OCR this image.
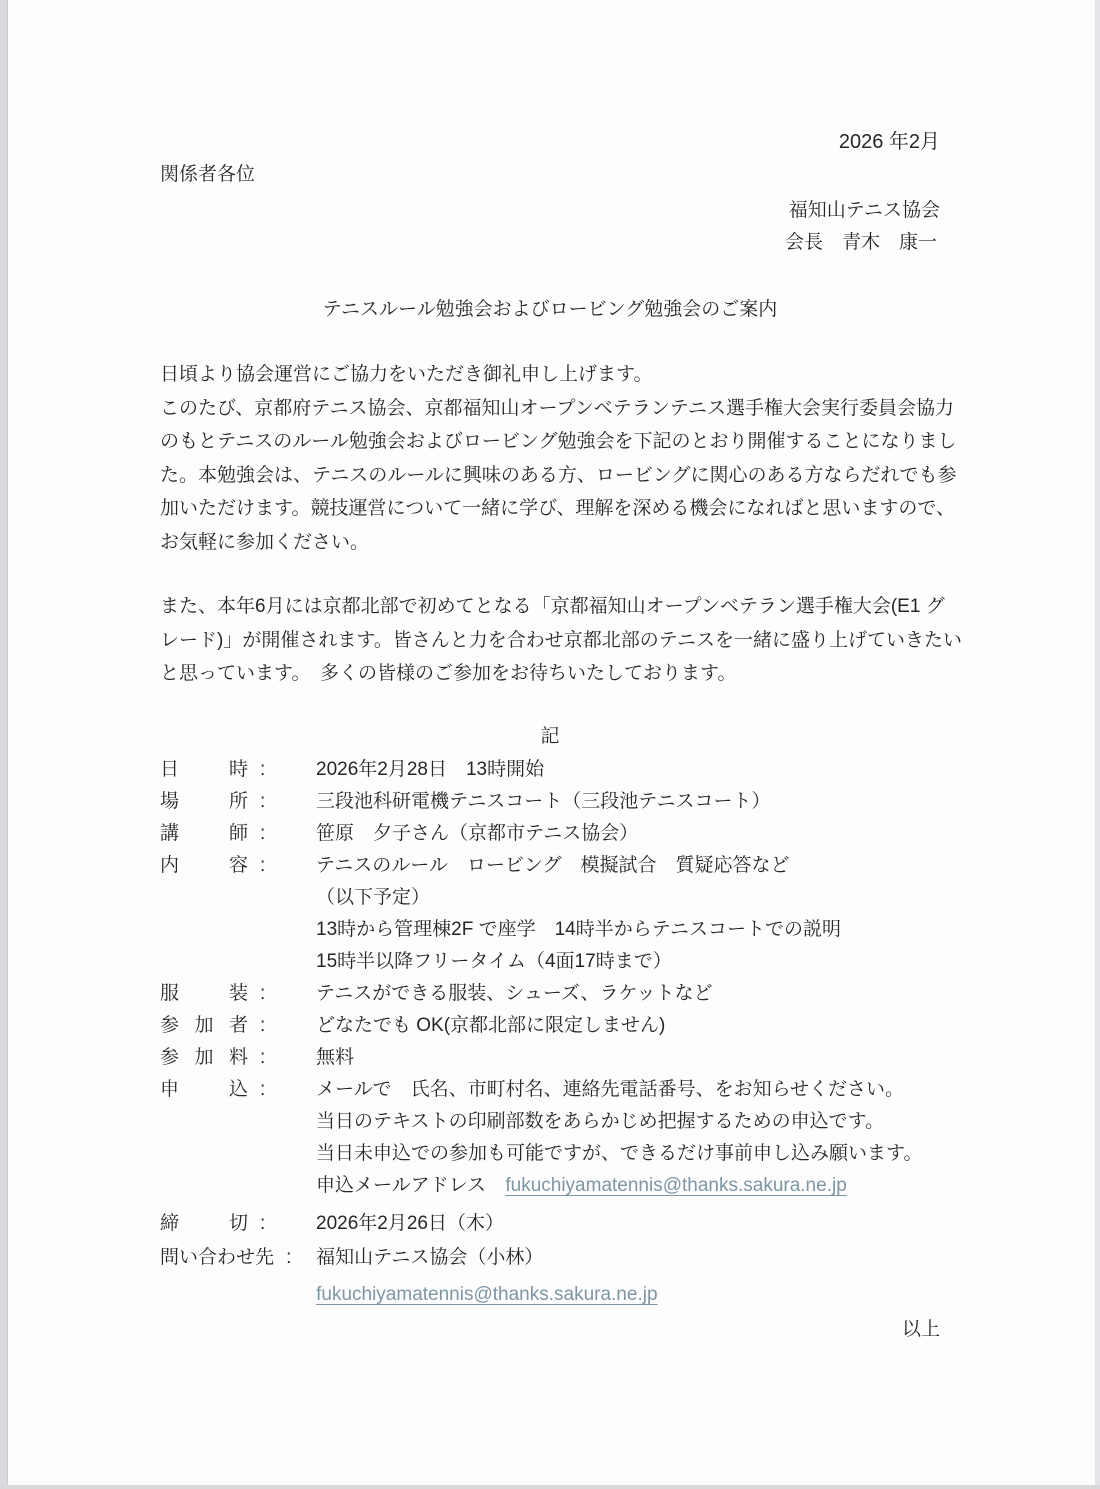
2026 年2月
関係者各位
福知山テニス協会
会長　青木　康一
テニスルール勉強会およびロービング勉強会のご案内
日頃より協会運営にご協力をいただき御礼申し上げます。
このたび、京都府テニス協会、京都福知山オープンベテランテニス選手権大会実行委員会協力
のもとテニスのルール勉強会およびロービング勉強会を下記のとおり開催することになりまし
た。本勉強会は、テニスのルールに興味のある方、ロービングに関心のある方ならだれでも参
加いただけます。競技運営について一緒に学び、理解を深める機会になればと思いますので、
お気軽に参加ください。
また、本年6月には京都北部で初めてとなる「京都福知山オープンベテラン選手権大会(E1 グ
レード)」が開催されます。皆さんと力を合わせ京都北部のテニスを一緒に盛り上げていきたい
と思っています。　多くの皆様のご参加をお待ちいたしております。
記
日	時 :	2026年2月28日　13時開始
場	所 :	三段池科研電機テニスコート（三段池テニスコート）
講	師 :	笹原　夕子さん（京都市テニス協会）
内	容 :	テニスのルール　ロービング　模擬試合　質疑応答など
（以下予定）
13時から管理棟2F で座学　14時半からテニスコートでの説明
15時半以降フリータイム（4面17時まで）
服	装 :	テニスができる服装、シューズ、ラケットなど
参 加 者 :	どなたでも OK(京都北部に限定しません)
参 加 料 :	無料
申	込 :	メールで　氏名、市町村名、連絡先電話番号、をお知らせください。
当日のテキストの印刷部数をあらかじめ把握するための申込です。
当日未申込での参加も可能ですが、できるだけ事前申し込み願います。
申込メールアドレス fukuchiyamatennis@thanks.sakura.ne.jp
締	切 :	2026年2月26日（木）
問 い 合 わ せ 先 :	福知山テニス協会（小林）
fukuchiyamatennis@thanks.sakura.ne.jp
以上
